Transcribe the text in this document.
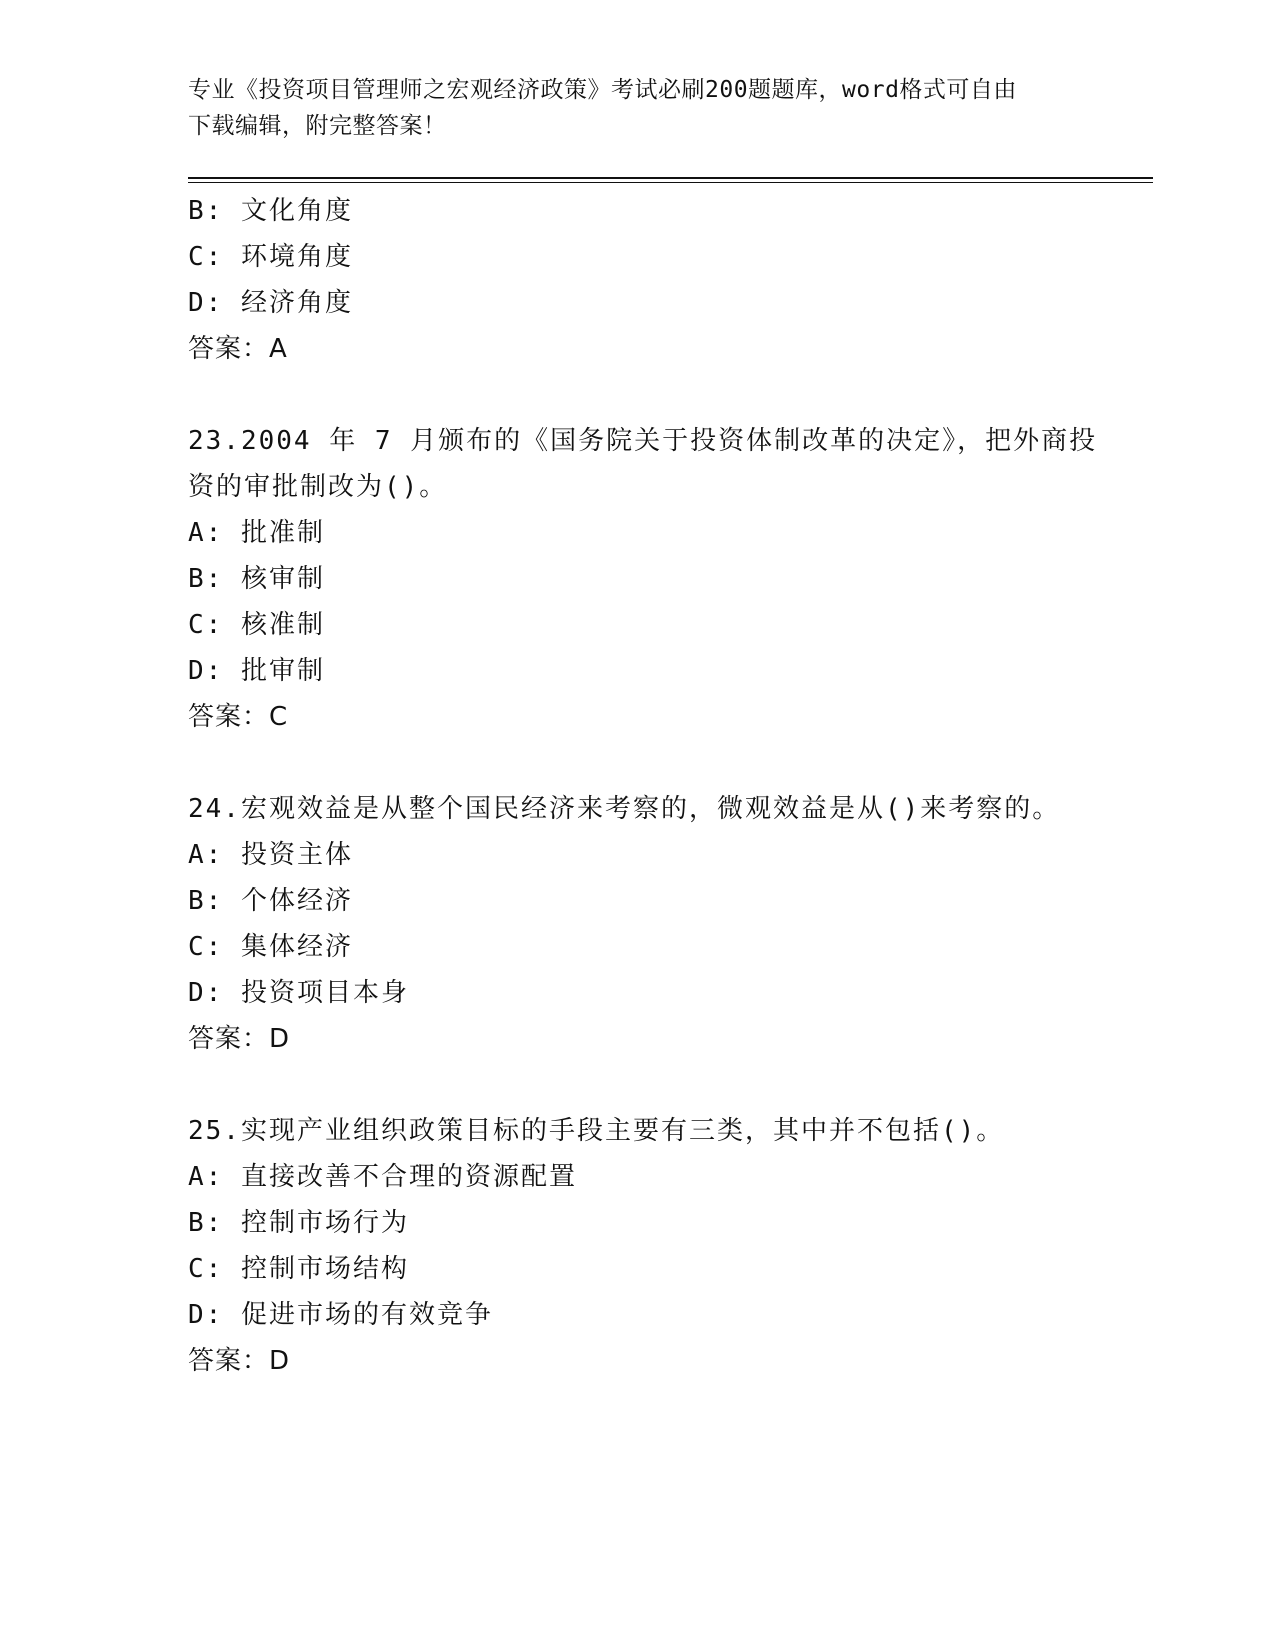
专业《投资项目管理师之宏观经济政策》考试必刷200题题库，word格式可自由
下载编辑，附完整答案！
B: 文化角度
C: 环境角度
D: 经济角度
答案：A
23.2004 年 7 月颁布的《国务院关于投资体制改革的决定》，把外商投
资的审批制改为()。
A: 批准制
B: 核审制
C: 核准制
D: 批审制
答案：C
24.宏观效益是从整个国民经济来考察的，微观效益是从()来考察的。
A: 投资主体
B: 个体经济
C: 集体经济
D: 投资项目本身
答案：D
25.实现产业组织政策目标的手段主要有三类，其中并不包括()。
A: 直接改善不合理的资源配置
B: 控制市场行为
C: 控制市场结构
D: 促进市场的有效竞争
答案：D
